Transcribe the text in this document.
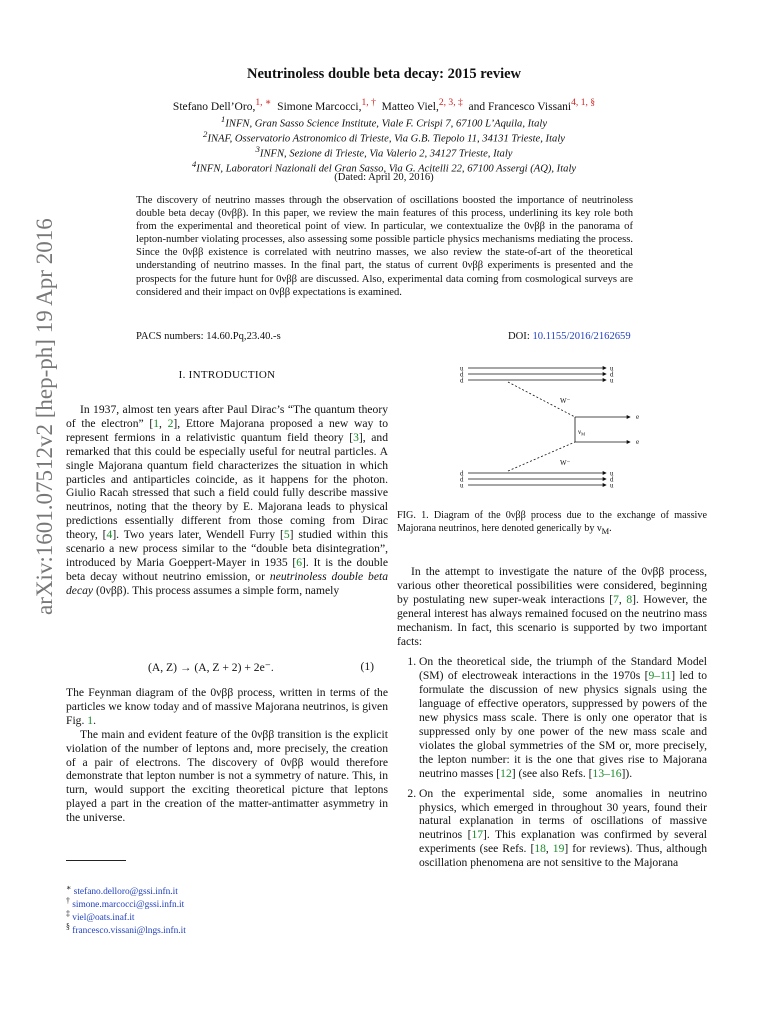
arXiv:1601.07512v2 [hep-ph] 19 Apr 2016
Neutrinoless double beta decay: 2015 review
Stefano Dell’Oro,$^{1, ∗}$ Simone Marcocci,$^{1, \dagger}$ Matteo Viel,$^{2, 3, \ddagger}$ and Francesco Vissani$^{4, 1, \S}$
$^1$INFN, Gran Sasso Science Institute, Viale F. Crispi 7, 67100 L’Aquila, Italy
$^2$INAF, Osservatorio Astronomico di Trieste, Via G.B. Tiepolo 11, 34131 Trieste, Italy
$^3$INFN, Sezione di Trieste, Via Valerio 2, 34127 Trieste, Italy
$^4$INFN, Laboratori Nazionali del Gran Sasso, Via G. Acitelli 22, 67100 Assergi (AQ), Italy
(Dated: April 20, 2016)
The discovery of neutrino masses through the observation of oscillations boosted the importance of neutrinoless double beta decay (0νββ). In this paper, we review the main features of this process, underlining its key role both from the experimental and theoretical point of view. In particular, we contextualize the 0νββ in the panorama of lepton-number violating processes, also assessing some possible particle physics mechanisms mediating the process. Since the 0νββ existence is correlated with neutrino masses, we also review the state-of-art of the theoretical understanding of neutrino masses. In the final part, the status of current 0νββ experiments is presented and the prospects for the future hunt for 0νββ are discussed. Also, experimental data coming from cosmological surveys are considered and their impact on 0νββ expectations is examined.
PACS numbers: 14.60.Pq,23.40.-s	DOI: 10.1155/2016/2162659
I. INTRODUCTION

In 1937, almost ten years after Paul Dirac’s “The quantum theory of the electron” [1, 2], Ettore Majorana proposed a new way to represent fermions in a relativistic quantum field theory [3], and remarked that this could be especially useful for neutral particles. A single Majorana quantum field characterizes the situation in which particles and antiparticles coincide, as it happens for the photon. Giulio Racah stressed that such a field could fully describe massive neutrinos, noting that the theory by E. Majorana leads to physical predictions essentially different from those coming from Dirac theory, [4]. Two years later, Wendell Furry [5] studied within this scenario a new process similar to the “double beta disintegration”, introduced by Maria Goeppert-Mayer in 1935 [6]. It is the double beta decay without neutrino emission, or neutrinoless double beta decay (0νββ). This process assumes a simple form, namely

(A, Z) → (A, Z + 2) + 2e⁻.	(1)

The Feynman diagram of the 0νββ process, written in terms of the particles we know today and of massive Majorana neutrinos, is given Fig. 1.

The main and evident feature of the 0νββ transition is the explicit violation of the number of leptons and, more precisely, the creation of a pair of electrons. The discovery of 0νββ would therefore demonstrate that lepton number is not a symmetry of nature. This, in turn, would support the exciting theoretical picture that leptons played a part in the creation of the matter-antimatter asymmetry in the universe.

∗ stefano.delloro@gssi.infn.it
† simone.marcocci@gssi.infn.it
‡ viel@oats.inaf.it
§ francesco.vissani@lngs.infn.it
u
d
d
u
d
u
d
d
u
u
d
u
W⁻
W⁻
$\nu_M$
e
e
FIG. 1. Diagram of the 0νββ process due to the exchange of massive Majorana neutrinos, here denoted generically by $\nu_M$.

In the attempt to investigate the nature of the 0νββ process, various other theoretical possibilities were considered, beginning by postulating new super-weak interactions [7, 8]. However, the general interest has always remained focused on the neutrino mass mechanism. In fact, this scenario is supported by two important facts:

1. On the theoretical side, the triumph of the Standard Model (SM) of electroweak interactions in the 1970s [9–11] led to formulate the discussion of new physics signals using the language of effective operators, suppressed by powers of the new physics mass scale. There is only one operator that is suppressed only by one power of the new mass scale and violates the global symmetries of the SM or, more precisely, the lepton number: it is the one that gives rise to Majorana neutrino masses [12] (see also Refs. [13–16]).
2. On the experimental side, some anomalies in neutrino physics, which emerged in throughout 30 years, found their natural explanation in terms of oscillations of massive neutrinos [17]. This explanation was confirmed by several experiments (see Refs. [18, 19] for reviews). Thus, although oscillation phenomena are not sensitive to the Majorana
